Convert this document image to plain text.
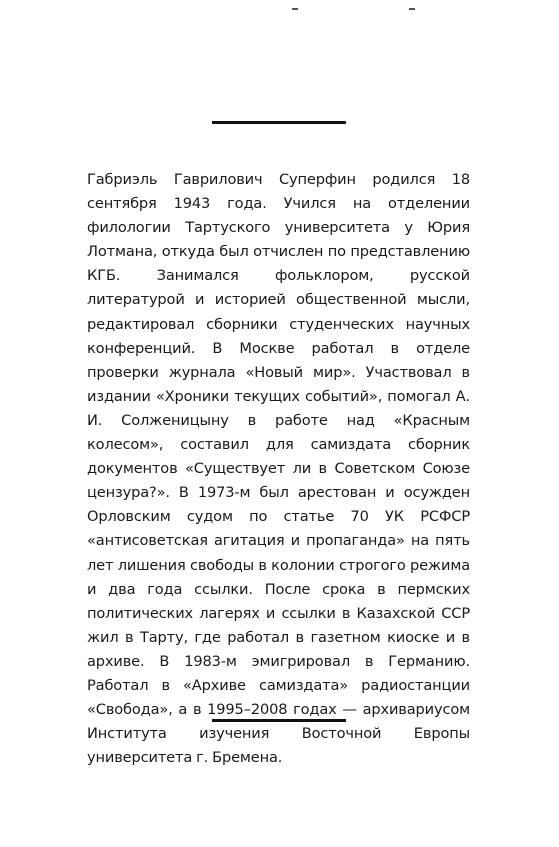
Габриэль Гаврилович Суперфин родился 18 сентября 1943 года. Учился на отделении филологии Тартуского университета у Юрия Лотмана, откуда был отчислен по представлению КГБ. Занимался фольклором, русской литературой и историей общественной мысли, редактировал сборники студенческих научных конференций. В Москве работал в отделе проверки журнала «Новый мир». Участвовал в издании «Хроники текущих событий», помогал А. И. Солженицыну в работе над «Красным колесом», составил для самиздата сборник документов «Существует ли в Советском Союзе цензура?». В 1973-м был арестован и осужден Орловским судом по статье 70 УК РСФСР «антисоветская агитация и пропаганда» на пять лет лишения свободы в колонии строгого режима и два года ссылки. После срока в пермских политических лагерях и ссылки в Казахской ССР жил в Тарту, где работал в газетном киоске и в архиве. В 1983-м эмигрировал в Германию. Работал в «Архиве самиздата» радиостанции «Свобода», а в 1995–2008 годах — архивариусом Института изучения Восточной Европы университета г. Бремена.
